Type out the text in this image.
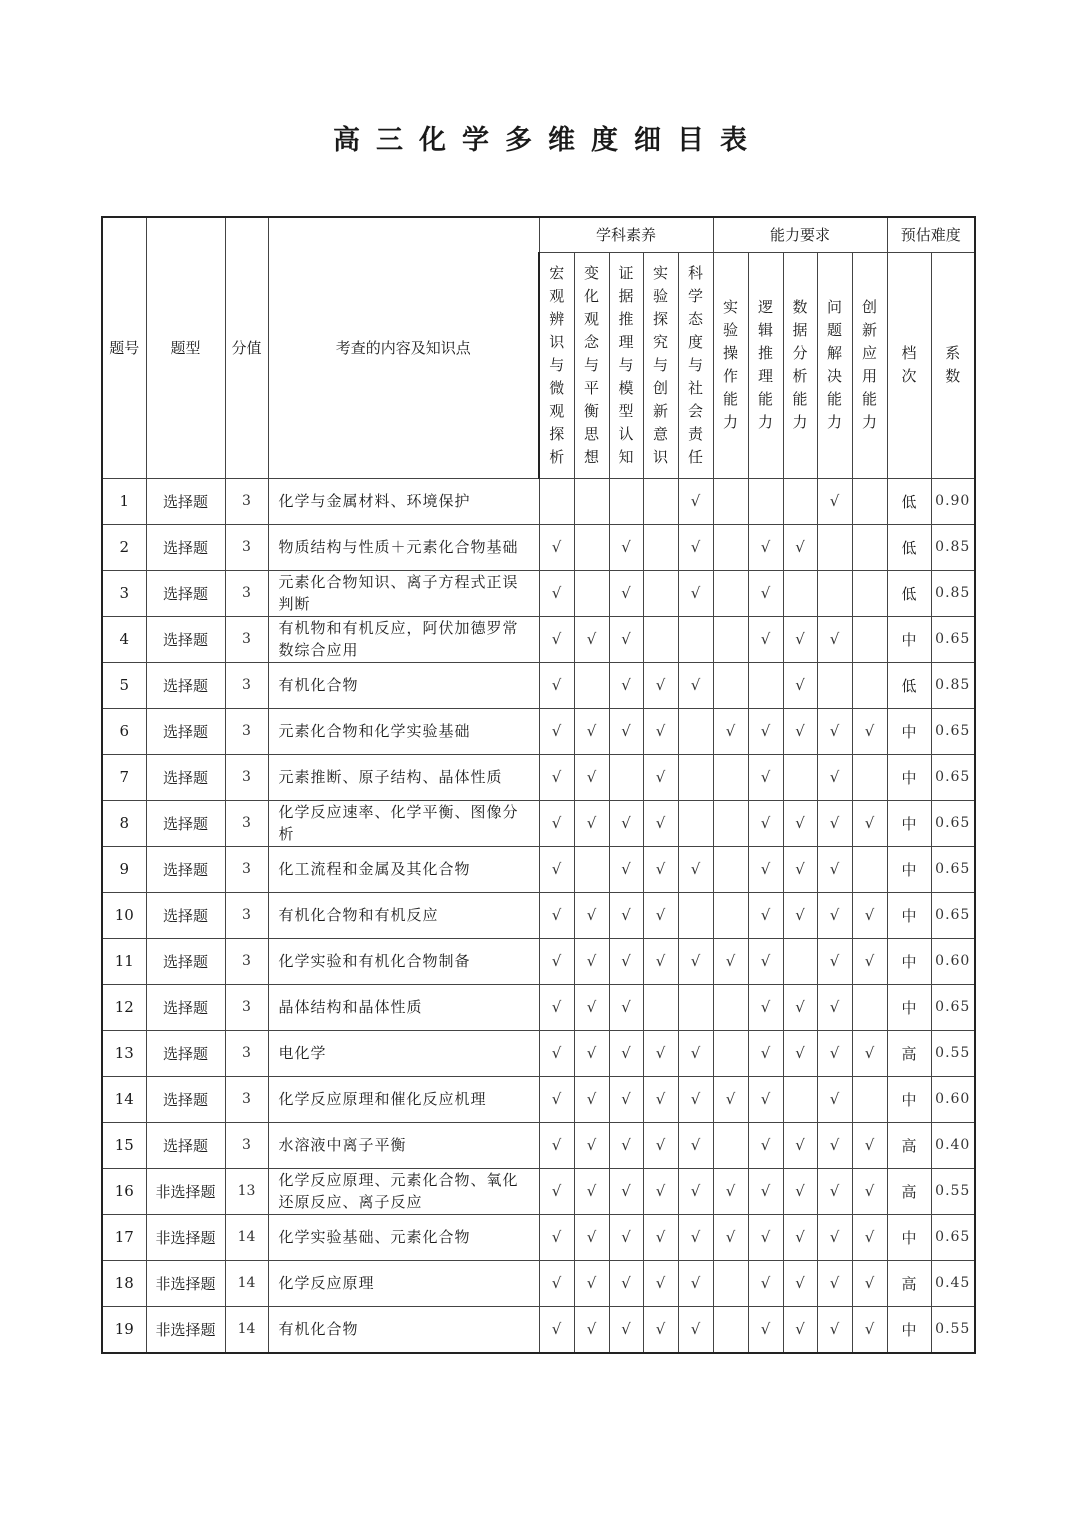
高三化学多维度细目表
题号	题型	分值	考查的内容及知识点	学科素养					能力要求					预估难度	
				宏观辨识与微观探析	变化观念与平衡思想	证据推理与模型认知	实验探究与创新意识	科学态度与社会责任	实验操作能力	逻辑推理能力	数据分析能力	问题解决能力	创新应用能力	档次	系数
1	选择题	3	化学与金属材料、环境保护					√				√		低	0.90
2	选择题	3	物质结构与性质＋元素化合物基础	√		√		√		√	√			低	0.85
3	选择题	3	元素化合物知识、离子方程式正误判断	√		√		√		√				低	0.85
4	选择题	3	有机物和有机反应，阿伏加德罗常数综合应用	√	√	√				√	√	√		中	0.65
5	选择题	3	有机化合物	√		√	√	√			√			低	0.85
6	选择题	3	元素化合物和化学实验基础	√	√	√	√		√	√	√	√	√	中	0.65
7	选择题	3	元素推断、原子结构、晶体性质	√	√		√			√		√		中	0.65
8	选择题	3	化学反应速率、化学平衡、图像分析	√	√	√	√			√	√	√	√	中	0.65
9	选择题	3	化工流程和金属及其化合物	√		√	√	√		√	√	√		中	0.65
10	选择题	3	有机化合物和有机反应	√	√	√	√			√	√	√	√	中	0.65
11	选择题	3	化学实验和有机化合物制备	√	√	√	√	√	√	√		√	√	中	0.60
12	选择题	3	晶体结构和晶体性质	√	√	√				√	√	√		中	0.65
13	选择题	3	电化学	√	√	√	√	√		√	√	√	√	高	0.55
14	选择题	3	化学反应原理和催化反应机理	√	√	√	√	√	√	√		√		中	0.60
15	选择题	3	水溶液中离子平衡	√	√	√	√	√		√	√	√	√	高	0.40
16	非选择题	13	化学反应原理、元素化合物、氧化还原反应、离子反应	√	√	√	√	√	√	√	√	√	√	高	0.55
17	非选择题	14	化学实验基础、元素化合物	√	√	√	√	√	√	√	√	√	√	中	0.65
18	非选择题	14	化学反应原理	√	√	√	√	√		√	√	√	√	高	0.45
19	非选择题	14	有机化合物	√	√	√	√	√		√	√	√	√	中	0.55
